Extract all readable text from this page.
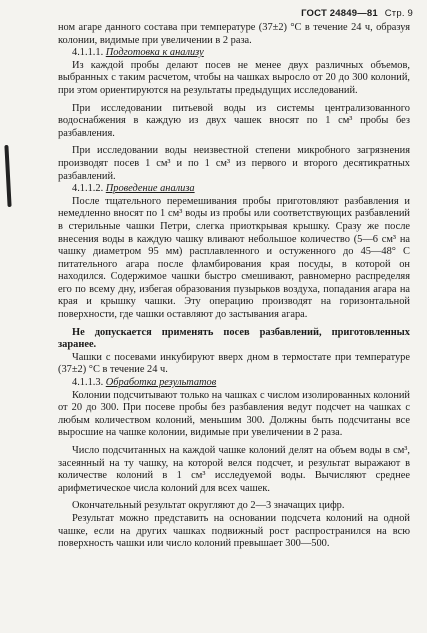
ГОСТ 24849—81 Стр. 9

ном агаре данного состава при температуре (37±2) °С в течение 24 ч, образуя колонии, видимые при увеличении в 2 раза.

4.1.1.1. Подготовка к анализу

Из каждой пробы делают посев не менее двух различных объемов, выбранных с таким расчетом, чтобы на чашках выросло от 20 до 300 колоний, при этом ориентируются на результаты предыдущих исследований.

При исследовании питьевой воды из системы централизованного водоснабжения в каждую из двух чашек вносят по 1 см³ пробы без разбавления.

При исследовании воды неизвестной степени микробного загрязнения производят посев 1 см³ и по 1 см³ из первого и второго десятикратных разбавлений.

4.1.1.2. Проведение анализа

После тщательного перемешивания пробы приготовляют разбавления и немедленно вносят по 1 см³ воды из пробы или соответствующих разбавлений в стерильные чашки Петри, слегка приоткрывая крышку. Сразу же после внесения воды в каждую чашку вливают небольшое количество (5—6 см³ на чашку диаметром 95 мм) расплавленного и остуженного до 45—48° С питательного агара после фламбирования края посуды, в которой он находился. Содержимое чашки быстро смешивают, равномерно распределяя его по всему дну, избегая образования пузырьков воздуха, попадания агара на края и крышку чашки. Эту операцию производят на горизонтальной поверхности, где чашки оставляют до застывания агара.

Не допускается применять посев разбавлений, приготовленных заранее.

Чашки с посевами инкубируют вверх дном в термостате при температуре (37±2) °С в течение 24 ч.

4.1.1.3. Обработка результатов

Колонии подсчитывают только на чашках с числом изолированных колоний от 20 до 300. При посеве пробы без разбавления ведут подсчет на чашках с любым количеством колоний, меньшим 300. Должны быть подсчитаны все выросшие на чашке колонии, видимые при увеличении в 2 раза.

Число подсчитанных на каждой чашке колоний делят на объем воды в см³, засеянный на ту чашку, на которой велся подсчет, и результат выражают в количестве колоний в 1 см³ исследуемой воды. Вычисляют среднее арифметическое числа колоний для всех чашек.

Окончательный результат округляют до 2—3 значащих цифр.

Результат можно представить на основании подсчета колоний на одной чашке, если на других чашках подвижный рост распространился на всю поверхность чашки или число колоний превышает 300—500.
